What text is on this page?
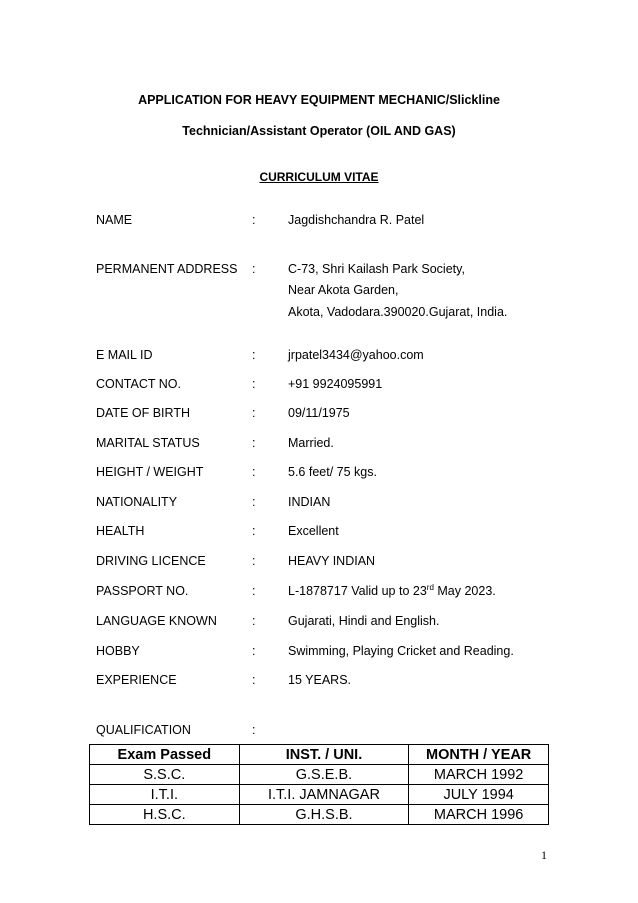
APPLICATION FOR HEAVY EQUIPMENT MECHANIC/Slickline
Technician/Assistant Operator (OIL AND GAS)
CURRICULUM VITAE
NAME	:	Jagdishchandra R. Patel
PERMANENT ADDRESS :	C-73, Shri Kailash Park Society,
Near Akota Garden,
Akota, Vadodara.390020.Gujarat, India.
E MAIL ID	:	jrpatel3434@yahoo.com
CONTACT NO.	:	+91 9924095991
DATE OF BIRTH	:	09/11/1975
MARITAL STATUS	:	Married.
HEIGHT / WEIGHT	:	5.6 feet/ 75 kgs.
NATIONALITY	:	INDIAN
HEALTH	:	Excellent
DRIVING LICENCE	:	HEAVY INDIAN
PASSPORT NO.	:	L-1878717 Valid up to 23rd May 2023.
LANGUAGE KNOWN	:	Gujarati, Hindi and English.
HOBBY	:	Swimming, Playing Cricket and Reading.
EXPERIENCE	:	15 YEARS.
QUALIFICATION	:
Exam Passed	INST. / UNI.	MONTH / YEAR
S.S.C.	G.S.E.B.	MARCH 1992
I.T.I.	I.T.I. JAMNAGAR	JULY 1994
H.S.C.	G.H.S.B.	MARCH 1996
1
